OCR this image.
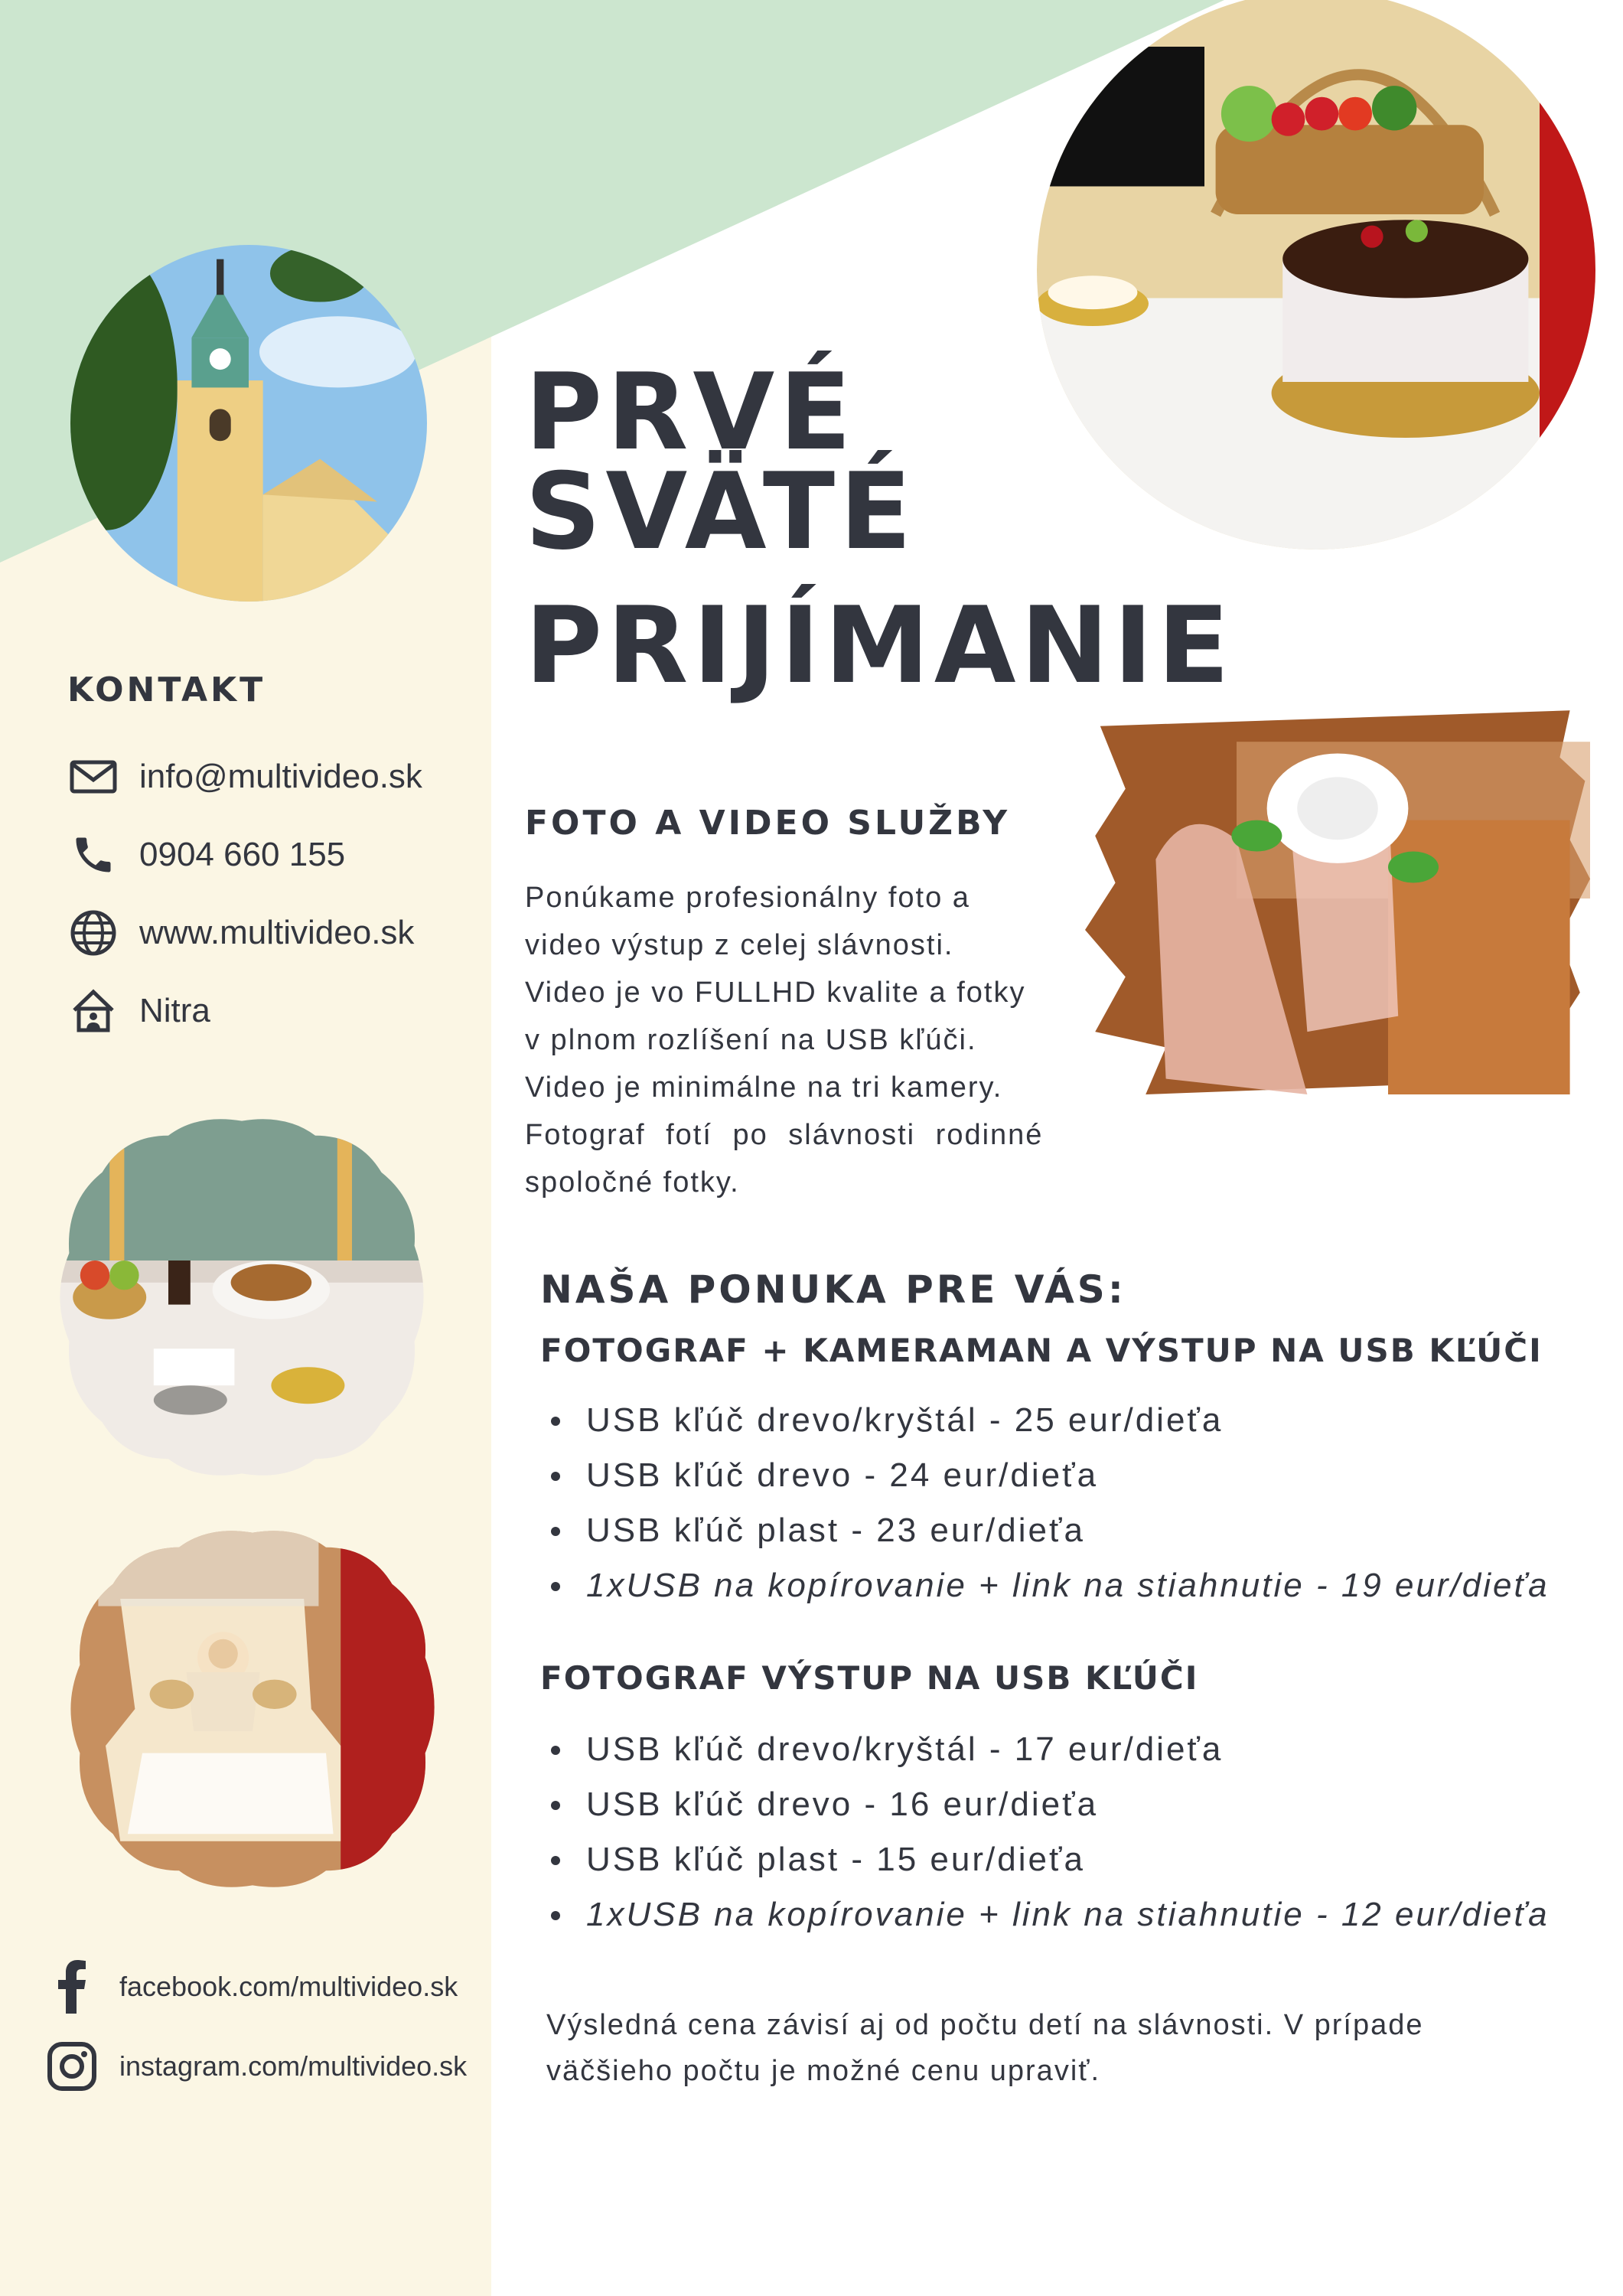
PRVÉ
SVÄTÉ
PRIJÍMANIE
KONTAKT
info@multivideo.sk
0904 660 155
www.multivideo.sk
Nitra
facebook.com/multivideo.sk
instagram.com/multivideo.sk
FOTO A VIDEO SLUŽBY
Ponúkame profesionálny foto a
video výstup z celej slávnosti.
Video je vo FULLHD kvalite a fotky
v plnom rozlíšení na USB kľúči.
Video je minimálne na tri kamery.
Fotograf fotí po slávnosti rodinné
spoločné fotky.
NAŠA PONUKA PRE VÁS:
FOTOGRAF + KAMERAMAN A VÝSTUP NA USB KĽÚČI
USB kľúč drevo/kryštál - 25 eur/dieťa
USB kľúč drevo - 24 eur/dieťa
USB kľúč plast - 23 eur/dieťa
1xUSB na kopírovanie + link na stiahnutie - 19 eur/dieťa
FOTOGRAF VÝSTUP NA USB KĽÚČI
USB kľúč drevo/kryštál - 17 eur/dieťa
USB kľúč drevo - 16 eur/dieťa
USB kľúč plast - 15 eur/dieťa
1xUSB na kopírovanie + link na stiahnutie - 12 eur/dieťa
Výsledná cena závisí aj od počtu detí na slávnosti. V prípade
väčšieho počtu je možné cenu upraviť.
